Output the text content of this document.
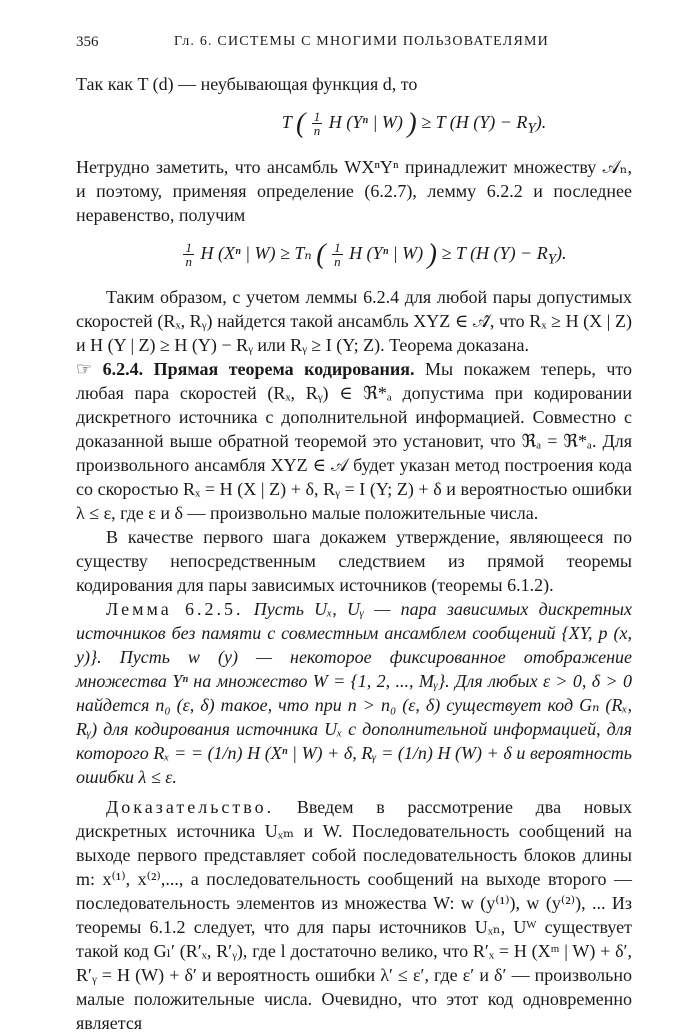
356	Гл. 6. СИСТЕМЫ С МНОГИМИ ПОЛЬЗОВАТЕЛЯМИ

Так как T (d) — неубывающая функция d, то

T ( $\frac{1}{n}$ H (Yⁿ | W) ) ≥ T (H $(Y) - R_Y$).

Нетрудно заметить, что ансамбль WXⁿYⁿ принадлежит множеству 𝒜ₙ, и поэтому, применяя определение (6.2.7), лемму 6.2.2 и последнее неравенство, получим

$\frac{1}{n}$ H (Xⁿ | W) ≥ Tₙ ( $\frac{1}{n}$ H (Yⁿ | W) ) ≥ T (H $(Y) - R_Y$).

Таким образом, с учетом леммы 6.2.4 для любой пары допустимых скоростей (Rₓ, Rᵧ) найдется такой ансамбль XYZ ∈ 𝒜̂, что Rₓ ≥ H (X | Z) и H (Y | Z) ≥ H (Y) − Rᵧ или Rᵧ ≥ I (Y; Z). Теорема доказана.

☞ 6.2.4. Прямая теорема кодирования. Мы покажем теперь, что любая пара скоростей (Rₓ, Rᵧ) ∈ ℜ*ₐ допустима при кодировании дискретного источника с дополнительной информацией. Совместно с доказанной выше обратной теоремой это установит, что ℜₐ = ℜ*ₐ. Для произвольного ансамбля XYZ ∈ 𝒜 будет указан метод построения кода со скоростью Rₓ = H (X | Z) + δ, Rᵧ = I (Y; Z) + δ и вероятностью ошибки λ ≤ ε, где ε и δ — произвольно малые положительные числа.

В качестве первого шага докажем утверждение, являющееся по существу непосредственным следствием из прямой теоремы кодирования для пары зависимых источников (теоремы 6.1.2).

Лемма 6.2.5. Пусть Uₓ, Uᵧ — пара зависимых дискретных источников без памяти с совместным ансамблем сообщений {XY, p (x, y)}. Пусть w (y) — некоторое фиксированное отображение множества Yⁿ на множество W = {1, 2, ..., Mᵧ}. Для любых ε > 0, δ > 0 найдется n₀ (ε, δ) такое, что при n > n₀ (ε, δ) существует код Gₙ (Rₓ, Rᵧ) для кодирования источника Uₓ с дополнительной информацией, для которого Rₓ = = (1/n) H (Xⁿ | W) + δ, Rᵧ = (1/n) H (W) + δ и вероятность ошибки λ ≤ ε.

Доказательство. Введем в рассмотрение два новых дискретных источника Uₓₘ и W. Последовательность сообщений на выходе первого представляет собой последовательность блоков длины m: x⁽¹⁾, x⁽²⁾,..., а последовательность сообщений на выходе второго — последовательность элементов из множества W: w (y⁽¹⁾), w (y⁽²⁾), ... Из теоремы 6.1.2 следует, что для пары источников Uₓₙ, Uᵂ существует такой код Gₗ′ (R′ₓ, R′ᵧ), где l достаточно велико, что R′ₓ = H (Xᵐ | W) + δ′, R′ᵧ = H (W) + δ′ и вероятность ошибки λ′ ≤ ε′, где ε′ и δ′ — произвольно малые положительные числа. Очевидно, что этот код одновременно является
